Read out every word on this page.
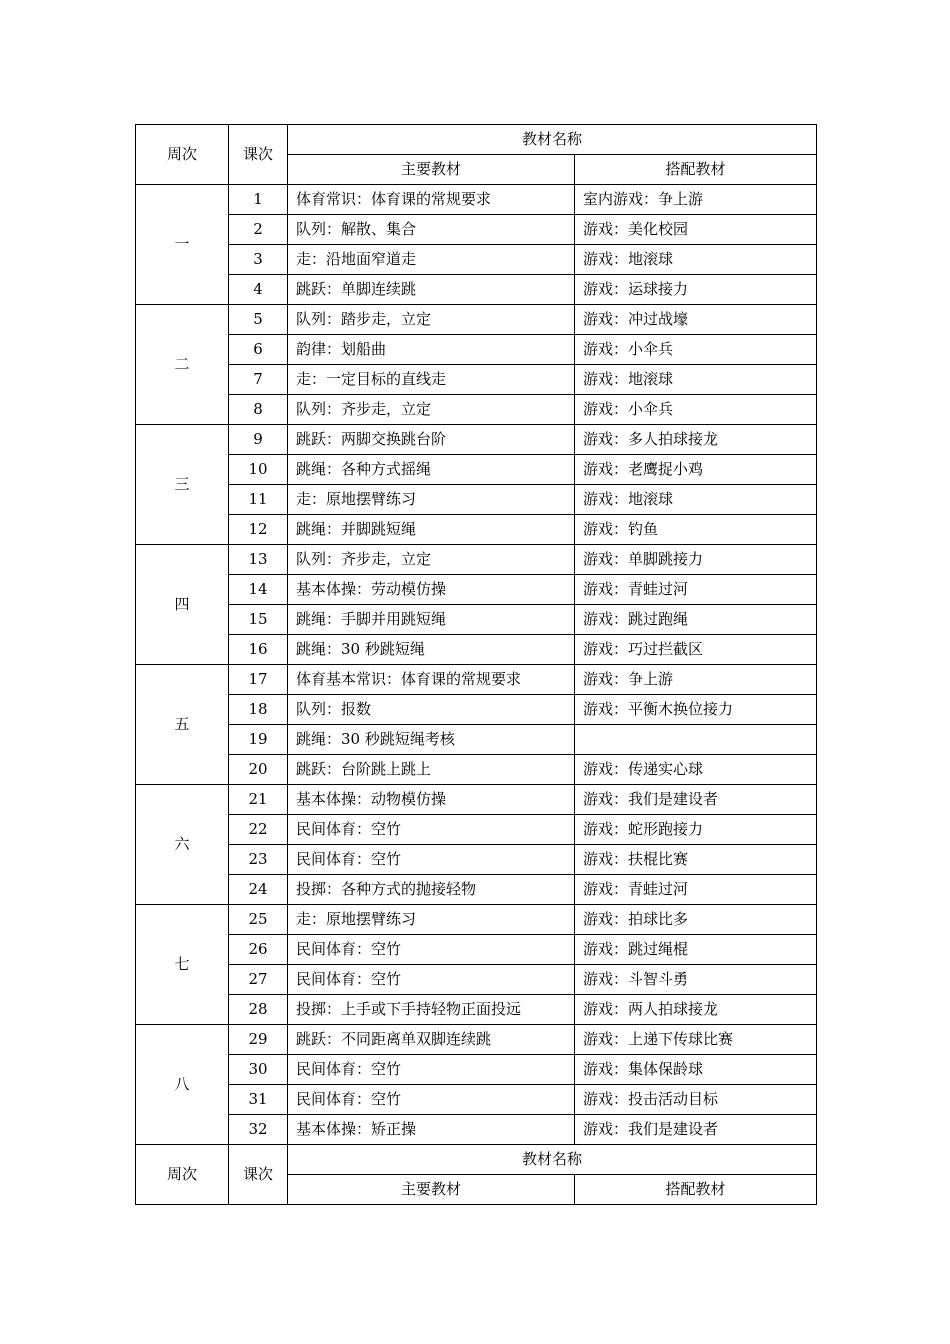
周次	课次	教材名称	
		主要教材	搭配教材
一	1	体育常识：体育课的常规要求	室内游戏：争上游
	2	队列：解散、集合	游戏：美化校园
	3	走：沿地面窄道走	游戏：地滚球
	4	跳跃：单脚连续跳	游戏：运球接力
二	5	队列：踏步走，立定	游戏：冲过战壕
	6	韵律：划船曲	游戏：小伞兵
	7	走：一定目标的直线走	游戏：地滚球
	8	队列：齐步走，立定	游戏：小伞兵
三	9	跳跃：两脚交换跳台阶	游戏：多人拍球接龙
	10	跳绳：各种方式摇绳	游戏：老鹰捉小鸡
	11	走：原地摆臂练习	游戏：地滚球
	12	跳绳：并脚跳短绳	游戏：钓鱼
四	13	队列：齐步走，立定	游戏：单脚跳接力
	14	基本体操：劳动模仿操	游戏：青蛙过河
	15	跳绳：手脚并用跳短绳	游戏：跳过跑绳
	16	跳绳：30 秒跳短绳	游戏：巧过拦截区
五	17	体育基本常识：体育课的常规要求	游戏：争上游
	18	队列：报数	游戏：平衡木换位接力
	19	跳绳：30 秒跳短绳考核	
	20	跳跃：台阶跳上跳上	游戏：传递实心球
六	21	基本体操：动物模仿操	游戏：我们是建设者
	22	民间体育：空竹	游戏：蛇形跑接力
	23	民间体育：空竹	游戏：扶棍比赛
	24	投掷：各种方式的抛接轻物	游戏：青蛙过河
七	25	走：原地摆臂练习	游戏：拍球比多
	26	民间体育：空竹	游戏：跳过绳棍
	27	民间体育：空竹	游戏：斗智斗勇
	28	投掷：上手或下手持轻物正面投远	游戏：两人拍球接龙
八	29	跳跃：不同距离单双脚连续跳	游戏：上递下传球比赛
	30	民间体育：空竹	游戏：集体保龄球
	31	民间体育：空竹	游戏：投击活动目标
	32	基本体操：矫正操	游戏：我们是建设者
周次	课次	教材名称	
		主要教材	搭配教材
